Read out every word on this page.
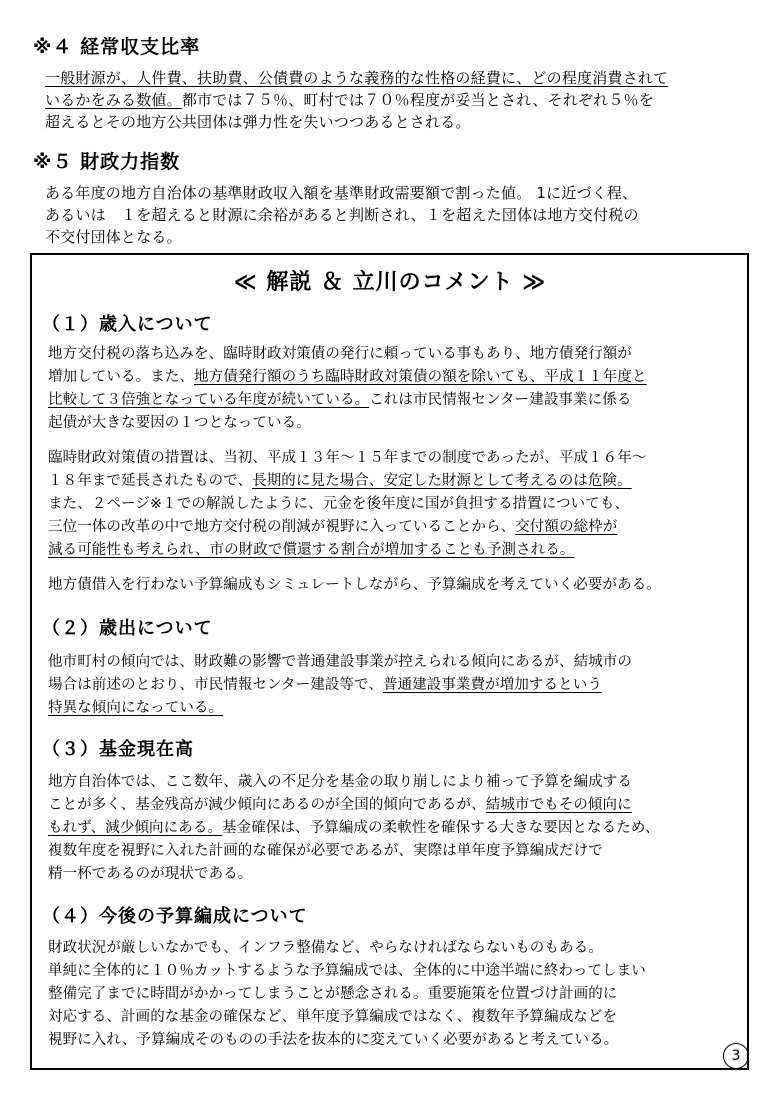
※４ 経常収支比率
一般財源が、人件費、扶助費、公債費のような義務的な性格の経費に、どの程度消費されて
いるかをみる数値。都市では７５％、町村では７０％程度が妥当とされ、それぞれ５％を
超えるとその地方公共団体は弾力性を失いつつあるとされる。
※５ 財政力指数
ある年度の地方自治体の基準財政収入額を基準財政需要額で割った値。 1に近づく程、
あるいは　１を超えると財源に余裕があると判断され、１を超えた団体は地方交付税の
不交付団体となる。
≪ 解説 ＆ 立川のコメント ≫
（１）歳入について
地方交付税の落ち込みを、臨時財政対策債の発行に頼っている事もあり、地方債発行額が
増加している。また、地方債発行額のうち臨時財政対策債の額を除いても、平成１１年度と
比較して３倍強となっている年度が続いている。これは市民情報センター建設事業に係る
起債が大きな要因の１つとなっている。
臨時財政対策債の措置は、当初、平成１３年～１５年までの制度であったが、平成１６年～
１８年まで延長されたもので、長期的に見た場合、安定した財源として考えるのは危険。
また、２ページ※１での解説したように、元金を後年度に国が負担する措置についても、
三位一体の改革の中で地方交付税の削減が視野に入っていることから、交付額の総枠が
減る可能性も考えられ、市の財政で償還する割合が増加することも予測される。
地方債借入を行わない予算編成もシミュレートしながら、予算編成を考えていく必要がある。
（２）歳出について
他市町村の傾向では、財政難の影響で普通建設事業が控えられる傾向にあるが、結城市の
場合は前述のとおり、市民情報センター建設等で、普通建設事業費が増加するという
特異な傾向になっている。
（３）基金現在高
地方自治体では、ここ数年、歳入の不足分を基金の取り崩しにより補って予算を編成する
ことが多く、基金残高が減少傾向にあるのが全国的傾向であるが、結城市でもその傾向に
もれず、減少傾向にある。基金確保は、予算編成の柔軟性を確保する大きな要因となるため、
複数年度を視野に入れた計画的な確保が必要であるが、実際は単年度予算編成だけで
精一杯であるのが現状である。
（４）今後の予算編成について
財政状況が厳しいなかでも、インフラ整備など、やらなければならないものもある。
単純に全体的に１０％カットするような予算編成では、全体的に中途半端に終わってしまい
整備完了までに時間がかかってしまうことが懸念される。重要施策を位置づけ計画的に
対応する、計画的な基金の確保など、単年度予算編成ではなく、複数年予算編成などを
視野に入れ、予算編成そのものの手法を抜本的に変えていく必要があると考えている。
3
